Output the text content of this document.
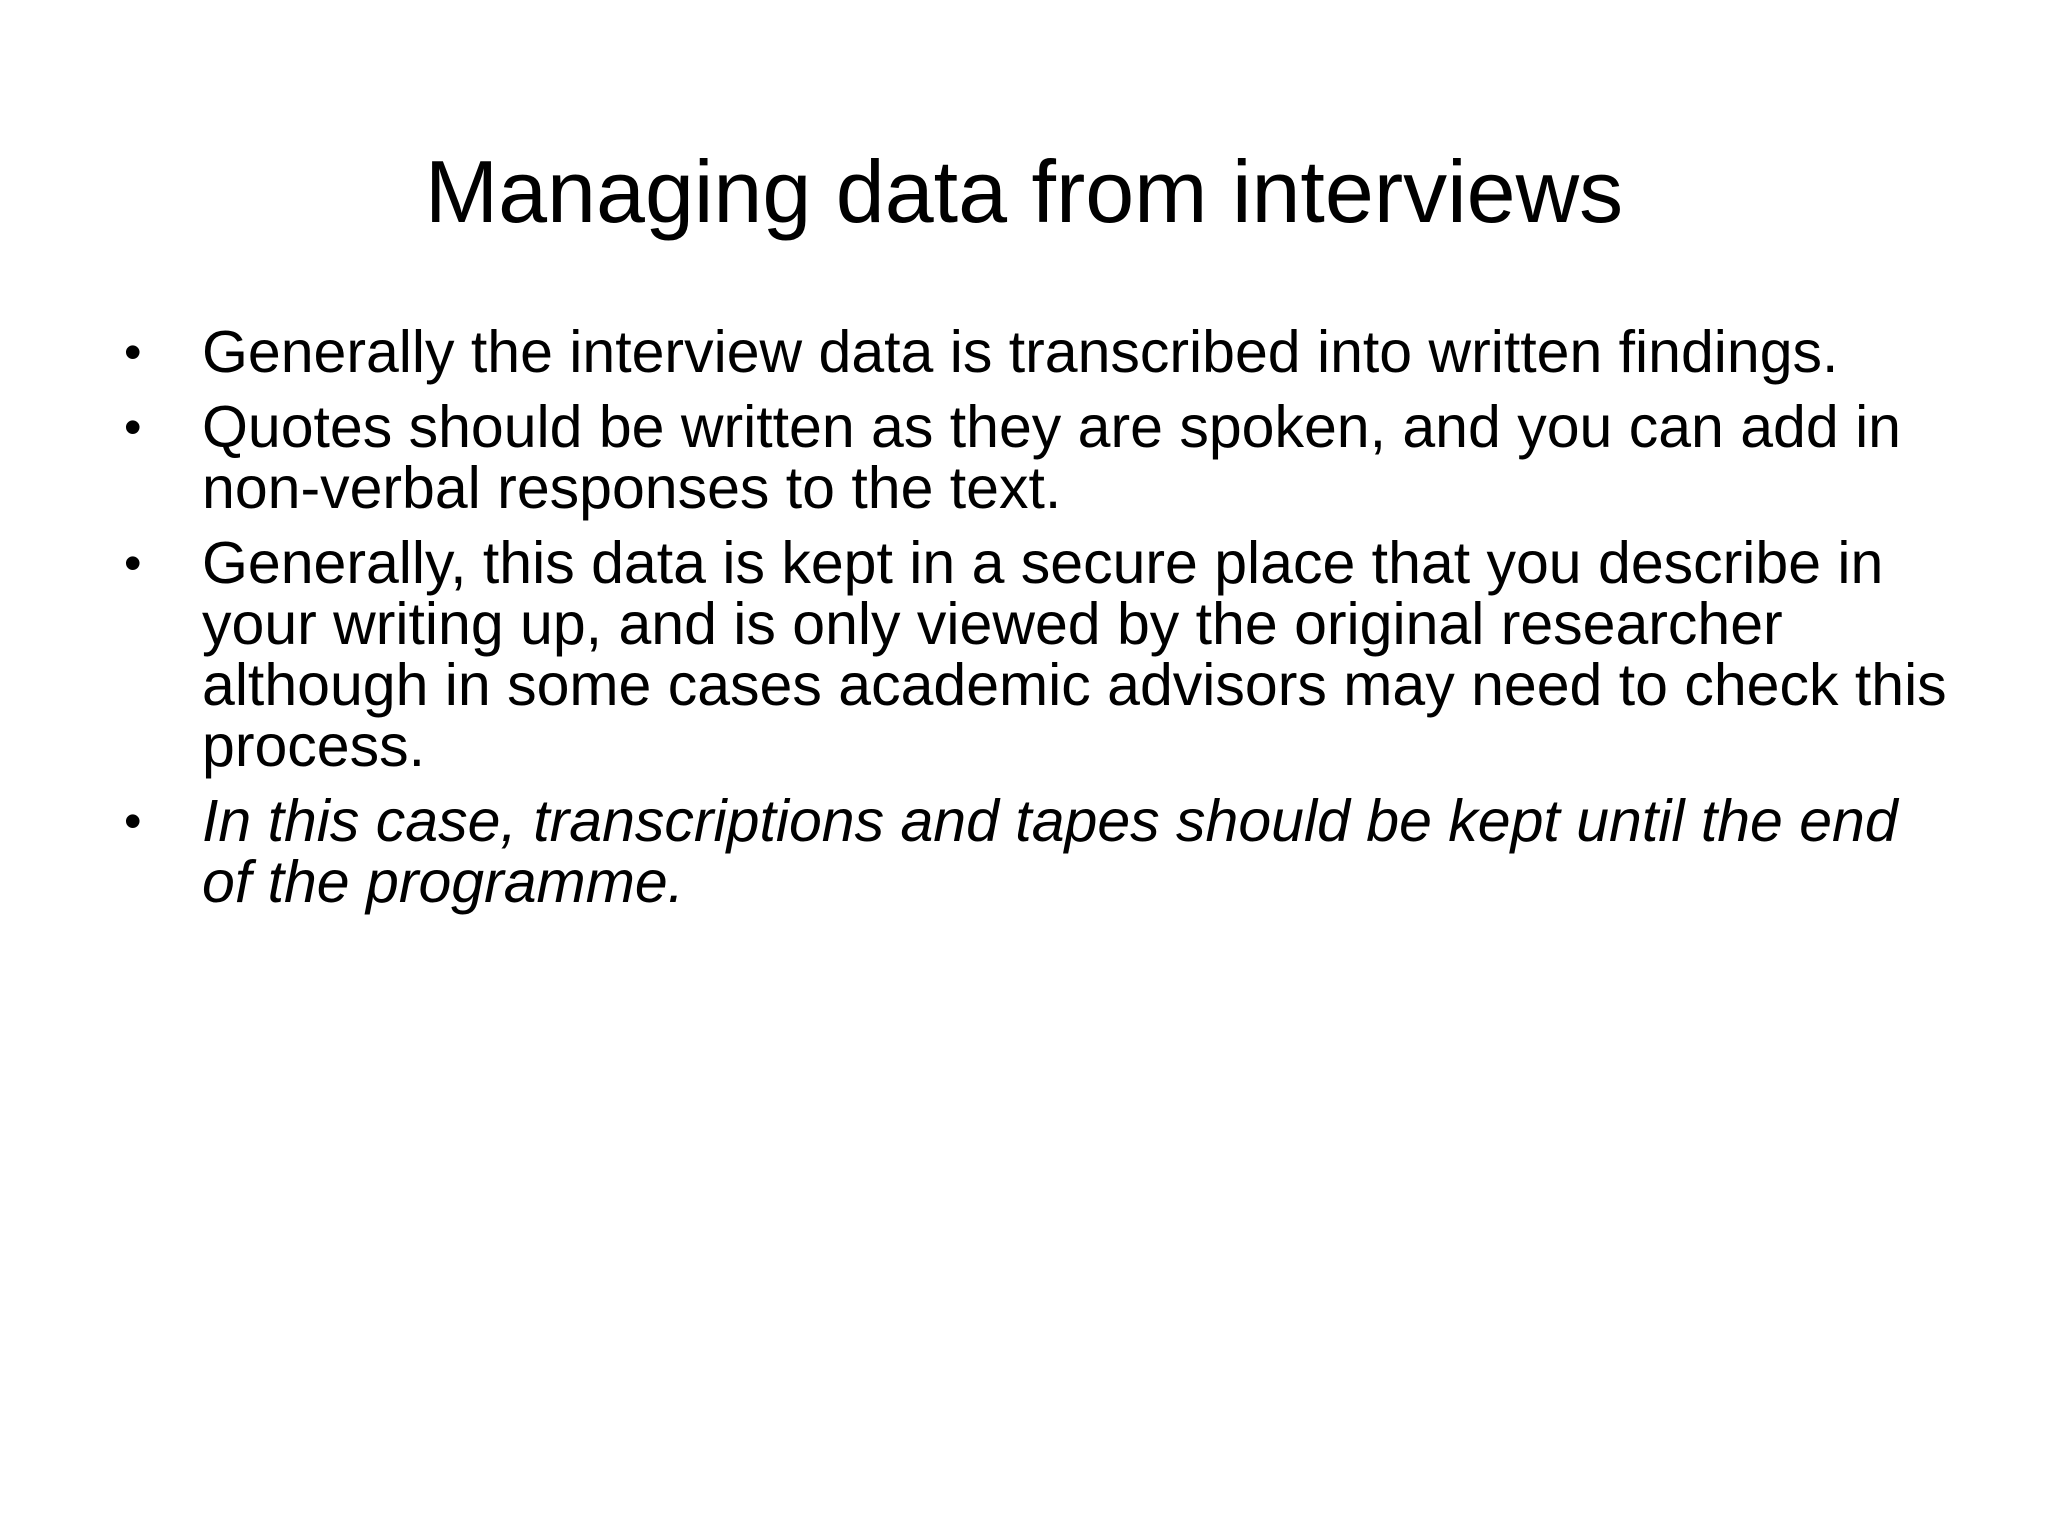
Managing data from interviews
• Generally the interview data is transcribed into written findings.
• Quotes should be written as they are spoken, and you can add in non-verbal responses to the text.
• Generally, this data is kept in a secure place that you describe in your writing up, and is only viewed by the original researcher although in some cases academic advisors may need to check this process.
• In this case, transcriptions and tapes should be kept until the end of the programme.
